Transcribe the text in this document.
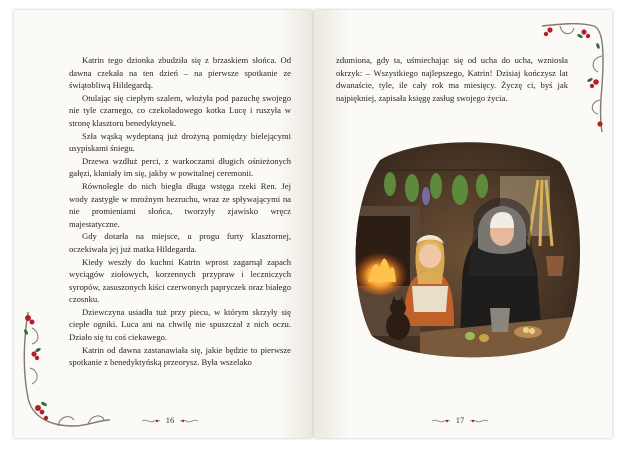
Katrin tego dzionka zbudziła się z brzaskiem słońca. Od dawna czekała na ten dzień – na pierwsze spotkanie ze świątobliwą Hildegardą.

Otulając się ciepłym szalem, włożyła pod pazuchę swojego nie tyle czarnego, co czekoladowego kotka Lucę i ruszyła w stronę klasztoru benedyktynek.

Szła wąską wydeptaną już drożyną pomiędzy bielejącymi usypiskami śniegu.

Drzewa wzdłuż perci, z warkoczami długich ośnieżonych gałęzi, kłaniały im się, jakby w powitalnej ceremonii.

Równolegle do nich biegła długa wstęga rzeki Ren. Jej wody zastygłe w mroźnym bezruchu, wraz ze spływającymi na nie promieniami słońca, tworzyły zjawisko wręcz majestatyczne.

Gdy dotarła na miejsce, u progu furty klasztornej, oczekiwała jej już matka Hildegarda.

Kiedy weszły do kuchni Katrin wprost zagarnął zapach wyciągów ziołowych, korzennych przypraw i leczniczych syropów, zasuszonych kiści czerwonych papryczek oraz białego czosnku.

Dziewczyna usiadła tuż przy piecu, w którym skrzyły się ciepłe ogniki. Luca ani na chwilę nie spuszczał z nich oczu. Działo się tu coś ciekawego.

Katrin od dawna zastanawiała się, jakie będzie to pierwsze spotkanie z benedyktyńską przeorysz. Była wszelako

16

zdumiona, gdy ta, uśmiechając się od ucha do ucha, wzniosła okrzyk: – Wszystkiego najlepszego, Katrin! Dzisiaj kończysz lat dwanaście, tyle, ile cały rok ma miesięcy. Życzę ci, byś jak najpiękniej, zapisała księgę zasług swojego życia.

17
